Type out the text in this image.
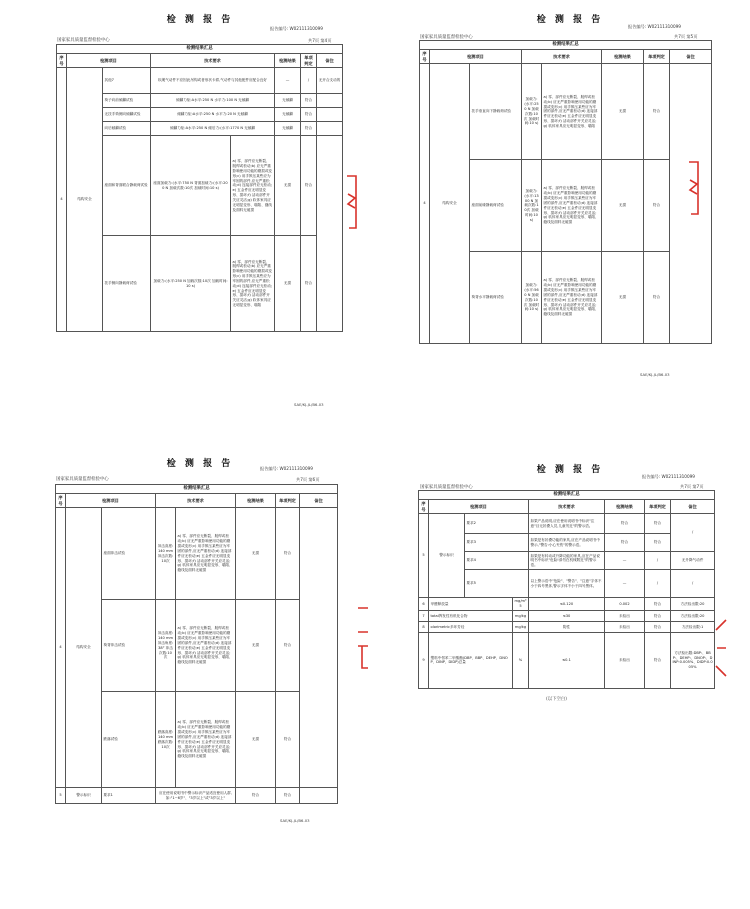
检 测 报 告
报告编号: W02111310099
国家家具质量监督检验中心	共7页 第4页
检测结果汇总							
序号	检测项目		技术要求		检测结果	单项判定	备注
4	结构安全	其他7	软绳气动件不应因此吊钩或者形状卡滞,气动件与其他配件应配合良好		—	/	无开合支动的
		椅子向前倾翻试验	倾翻力矩:A水平:250 N 水平力:100 N 无倾翻		无倾翻	符合	
		无扶手椅侧向倾翻试验	倾翻力矩:A水平:250 N 水平力:20 N 无倾翻		无倾翻	符合	
		向后倾翻试验	倾翻力矩:A水平:250 N 倾后力:(水平:1770 N 无倾翻		无倾翻	符合	
		座面和背面联合静载荷试验	座面加载力:(水平:750 N 背面加载力:(水平:200 N 加载次数:10次 加载时间:10 s)	a) 零、部件应无断裂、脱焊或松动;b) 应无严重影响使用功能的磨损或变形;c) 用手揿压某些应为牢固的部件,应无严重松动;d) 连接部件应无松动;e) 五金件应无明显变形、损坏;f) 活动部件开关应灵活;g) 软体家具应无明显变形、塌陷、缝线及面料无破损	无损	符合	
		扶手侧向静载荷试验	加载力:(水平:250 N 加载次数:10次 加载时间:10 s)	a) 零、部件应无断裂、脱焊或松动;b) 应无严重影响使用功能的磨损或变形;c) 用手揿压某些应为牢固的部件,应无严重松动;d) 连接部件应无松动;e) 五金件应无明显变形、损坏;f) 活动部件开关应灵活;g) 软体家具应无明显变形、塌陷	无损	符合	
SAE/KJ-JL/B6-03
检 测 报 告
报告编号: W02111310099
国家家具质量监督检验中心	共7页 第5页
检测结果汇总							
序号	检测项目		技术要求		检测结果	单项判定	备注
4	结构安全	扶手垂直向下静载荷试验	加载力:(水平:250 N 加载次数:10次 加载时间:10 s)	a) 零、部件应无断裂、脱焊或松动;b) 应无严重影响使用功能的磨损或变形;c) 用手揿压某些应为牢固的部件,应无严重松动;d) 连接部件应无松动;e) 五金件应无明显变形、损坏;f) 活动部件开关应灵活;g) 软体家具应无明显变形、塌陷	无损	符合	
		座面前缘静载荷试验	加载力:(水平:1300 N 加载次数:10次 加载时间:10 s)	a) 零、部件应无断裂、脱焊或松动;b) 应无严重影响使用功能的磨损或变形;c) 用手揿压某些应为牢固的部件,应无严重松动;d) 连接部件应无松动;e) 五金件应无明显变形、损坏;f) 活动部件开关应灵活;g) 软体家具应无明显变形、塌陷、缝线及面料无破损	无损	符合	
		椅背水平静载荷试验	加载力:(水平:560 N 加载次数:10次 加载时间:10 s)	a) 零、部件应无断裂、脱焊或松动;b) 应无严重影响使用功能的磨损或变形;c) 用手揿压某些应为牢固的部件,应无严重松动;d) 连接部件应无松动;e) 五金件应无明显变形、损坏;f) 活动部件开关应灵活;g) 软体家具应无明显变形、塌陷、缝线及面料无破损	无损	符合	
SAE/KJ-JL/B6-03
检 测 报 告	报告编号: W02111310099
国家家具质量监督检验中心	共7页 第6页
检测结果汇总							
序号	检测项目		技术要求		检测结果	单项判定	备注
4	结构安全	座面冲击试验	冲击高度:140 mm 冲击次数:10次	a) 零、部件应无断裂、脱焊或松动;b) 应无严重影响使用功能的磨损或变形;c) 用手揿压某些应为牢固的部件,应无严重松动;d) 连接部件应无松动;e) 五金件应无明显变形、损坏;f) 活动部件开关应灵活;g) 软体家具应无明显变形、塌陷、缝线及面料无破损	无损	符合	
		椅背冲击试验	冲击高度:140 mm 冲击角度:38° 冲击次数:10次	a) 零、部件应无断裂、脱焊或松动;b) 应无严重影响使用功能的磨损或变形;c) 用手揿压某些应为牢固的部件,应无严重松动;d) 连接部件应无松动;e) 五金件应无明显变形、损坏;f) 活动部件开关应灵活;g) 软体家具应无明显变形、塌陷、缝线及面料无破损	无损	符合	
		跌落试验	跌落高度:140 mm 跌落次数:10次	a) 零、部件应无断裂、脱焊或松动;b) 应无严重影响使用功能的磨损或变形;c) 用手揿压某些应为牢固的部件,应无严重松动;d) 连接部件应无松动;e) 五金件应无明显变形、损坏;f) 活动部件开关应灵活;g) 软体家具应无明显变形、塌陷、缝线及面料无破损	无损	符合	
5	警示标识	要求1	应在使用说明书中警示标识产品适宜使用人群,如:"1~6岁"、"3岁以上"或"3岁以上"		符合	符合	
SAE/KJ-JL/B6-03
检 测 报 告
报告编号: W02111310099
国家家具质量监督检验中心	共7页 第7页
检测结果汇总							
序号	检测项目			技术要求	检测结果	单项判定	备注
5	警示标识	要求2		如果产品说明,应在使用说明书中标识"注意"目无折叠人员,儿童勿近"的警示语。	符合	符合	/
		要求3		如果是有折叠功能的家具,应在产品说明书中警示,"警告:小心夹伤"的警示语。	符合	符合	
		要求4		如果是有转动或升降功能的家具,应在产品说明书中标识"危险!请勿在机械附近"的警示语。	—	/	无升降气动件
		要求5		以上警示语中"危险"、"警告"、"注意"字体不小于四号黑体,警示字体不小于四号黑体。	—	/	/
6	甲醛释放量		mg/m³ 5	≤0.120	0.002	符合	方法检出限:20
7	total挥发性有机化合物		mg/kg	≤30	未检出	符合	方法检出限:20
8	olorimetric多环芳烃		mg/kg	阴性	未检出	符合	方法检出限:1
9	塑料中邻苯二甲酸酯(DBP、BBP、DEHP、DNOP、DINP、DIDP)总量		%	≤0.1	未检出	符合	方法检出限:DBP:、BBP:、DEHP:、DNOP:、DINP:0.005%、DIDP:0.005%
(以下空白)
